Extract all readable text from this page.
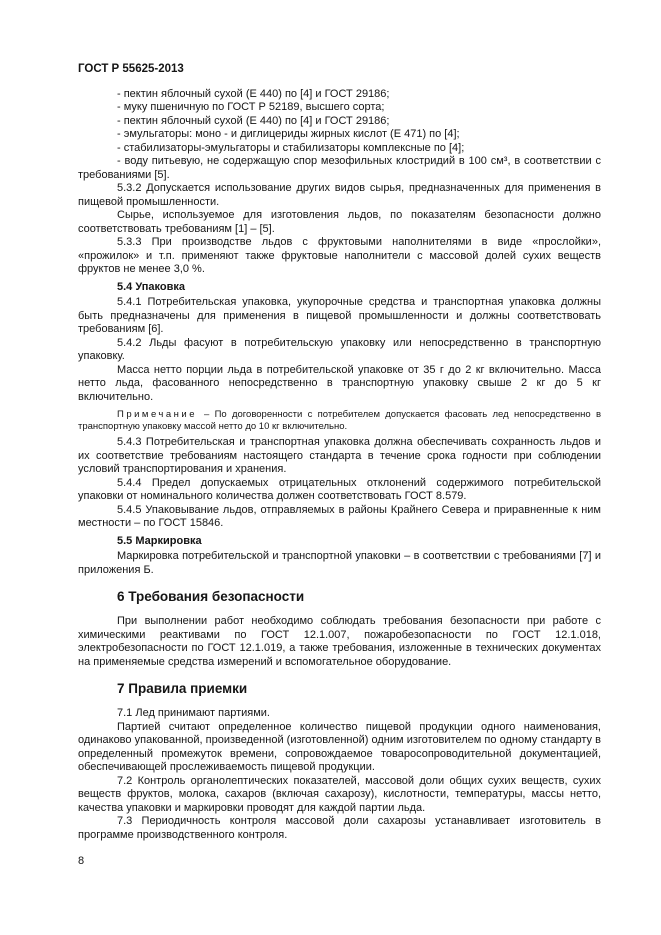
ГОСТ Р 55625-2013

- пектин яблочный сухой (Е 440) по [4] и ГОСТ 29186;

- муку пшеничную по ГОСТ Р 52189, высшего сорта;

- пектин яблочный сухой (Е 440) по [4] и ГОСТ 29186;

- эмульгаторы: моно - и диглицериды жирных кислот (Е 471) по [4];

- стабилизаторы-эмульгаторы и стабилизаторы комплексные по [4];

- воду питьевую, не содержащую спор мезофильных клостридий в 100 см³, в соответствии с требованиями [5].

5.3.2 Допускается использование других видов сырья, предназначенных для применения в пищевой промышленности.

Сырье, используемое для изготовления льдов, по показателям безопасности должно соответствовать требованиям [1] – [5].

5.3.3 При производстве льдов с фруктовыми наполнителями в виде «прослойки», «прожилок» и т.п. применяют также фруктовые наполнители с массовой долей сухих веществ фруктов не менее 3,0 %.

5.4 Упаковка

5.4.1 Потребительская упаковка, укупорочные средства и транспортная упаковка должны быть предназначены для применения в пищевой промышленности и должны соответствовать требованиям [6].

5.4.2 Льды фасуют в потребительскую упаковку или непосредственно в транспортную упаковку.

Масса нетто порции льда в потребительской упаковке от 35 г до 2 кг включительно. Масса нетто льда, фасованного непосредственно в транспортную упаковку свыше 2 кг до 5 кг включительно.

Примечание – По договоренности с потребителем допускается фасовать лед непосредственно в транспортную упаковку массой нетто до 10 кг включительно.

5.4.3 Потребительская и транспортная упаковка должна обеспечивать сохранность льдов и их соответствие требованиям настоящего стандарта в течение срока годности при соблюдении условий транспортирования и хранения.

5.4.4 Предел допускаемых отрицательных отклонений содержимого потребительской упаковки от номинального количества должен соответствовать ГОСТ 8.579.

5.4.5 Упаковывание льдов, отправляемых в районы Крайнего Севера и приравненные к ним местности – по ГОСТ 15846.

5.5 Маркировка

Маркировка потребительской и транспортной упаковки – в соответствии с требованиями [7] и приложения Б.

6 Требования безопасности

При выполнении работ необходимо соблюдать требования безопасности при работе с химическими реактивами по ГОСТ 12.1.007, пожаробезопасности по ГОСТ 12.1.018, электробезопасности по ГОСТ 12.1.019, а также требования, изложенные в технических документах на применяемые средства измерений и вспомогательное оборудование.

7 Правила приемки

7.1 Лед принимают партиями.

Партией считают определенное количество пищевой продукции одного наименования, одинаково упакованной, произведенной (изготовленной) одним изготовителем по одному стандарту в определенный промежуток времени, сопровождаемое товаросопроводительной документацией, обеспечивающей прослеживаемость пищевой продукции.

7.2 Контроль органолептических показателей, массовой доли общих сухих веществ, сухих веществ фруктов, молока, сахаров (включая сахарозу), кислотности, температуры, массы нетто, качества упаковки и маркировки проводят для каждой партии льда.

7.3 Периодичность контроля массовой доли сахарозы устанавливает изготовитель в программе производственного контроля.

8
